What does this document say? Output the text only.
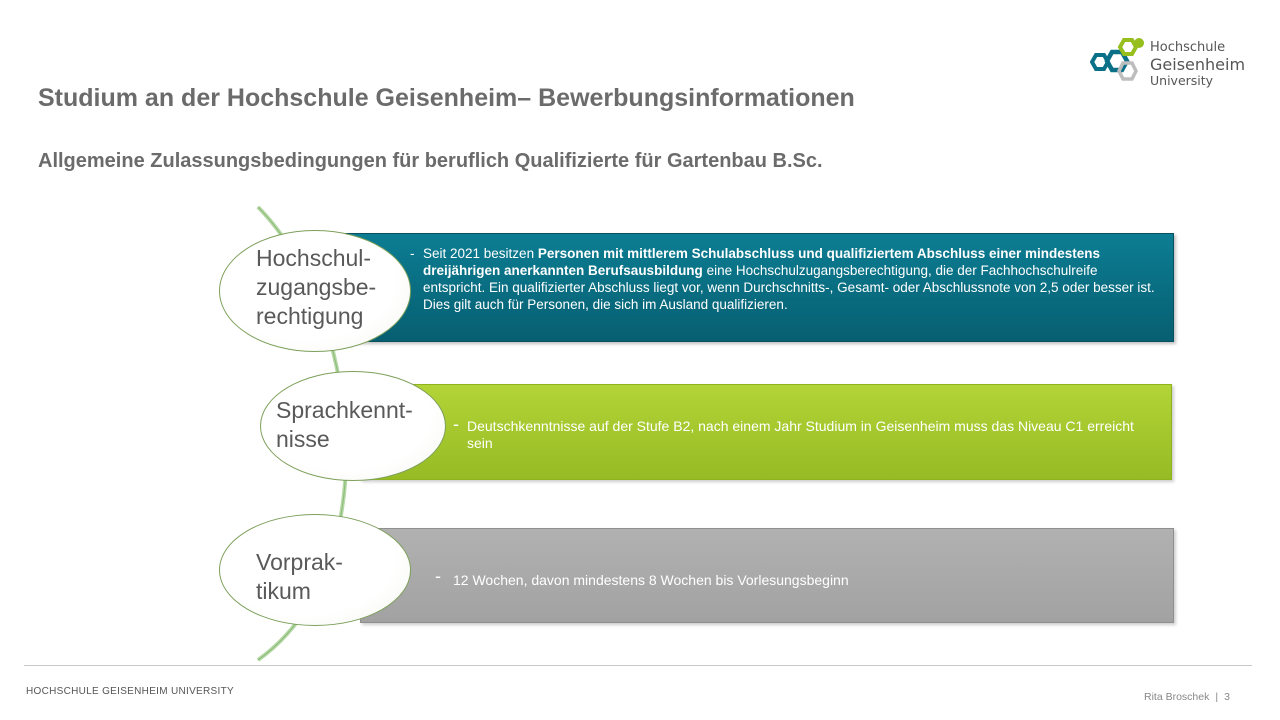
Studium an der Hochschule Geisenheim– Bewerbungsinformationen
Allgemeine Zulassungsbedingungen für beruflich Qualifizierte für Gartenbau B.Sc.
Hochschule
Geisenheim
University
- Seit 2021 besitzen Personen mit mittlerem Schulabschluss und qualifiziertem Abschluss einer mindestens dreijährigen anerkannten Berufsausbildung eine Hochschulzugangsberechtigung, die der Fachhochschulreife entspricht. Ein qualifizierter Abschluss liegt vor, wenn Durchschnitts-, Gesamt- oder Abschlussnote von 2,5 oder besser ist. Dies gilt auch für Personen, die sich im Ausland qualifizieren.
- Deutschkenntnisse auf der Stufe B2, nach einem Jahr Studium in Geisenheim muss das Niveau C1 erreicht sein
- 12 Wochen, davon mindestens 8 Wochen bis Vorlesungsbeginn
Hochschul-
zugangsbe-
rechtigung
Sprachkennt-
nisse
Vorprak-
tikum
HOCHSCHULE GEISENHEIM UNIVERSITY	Rita Broschek | 3
